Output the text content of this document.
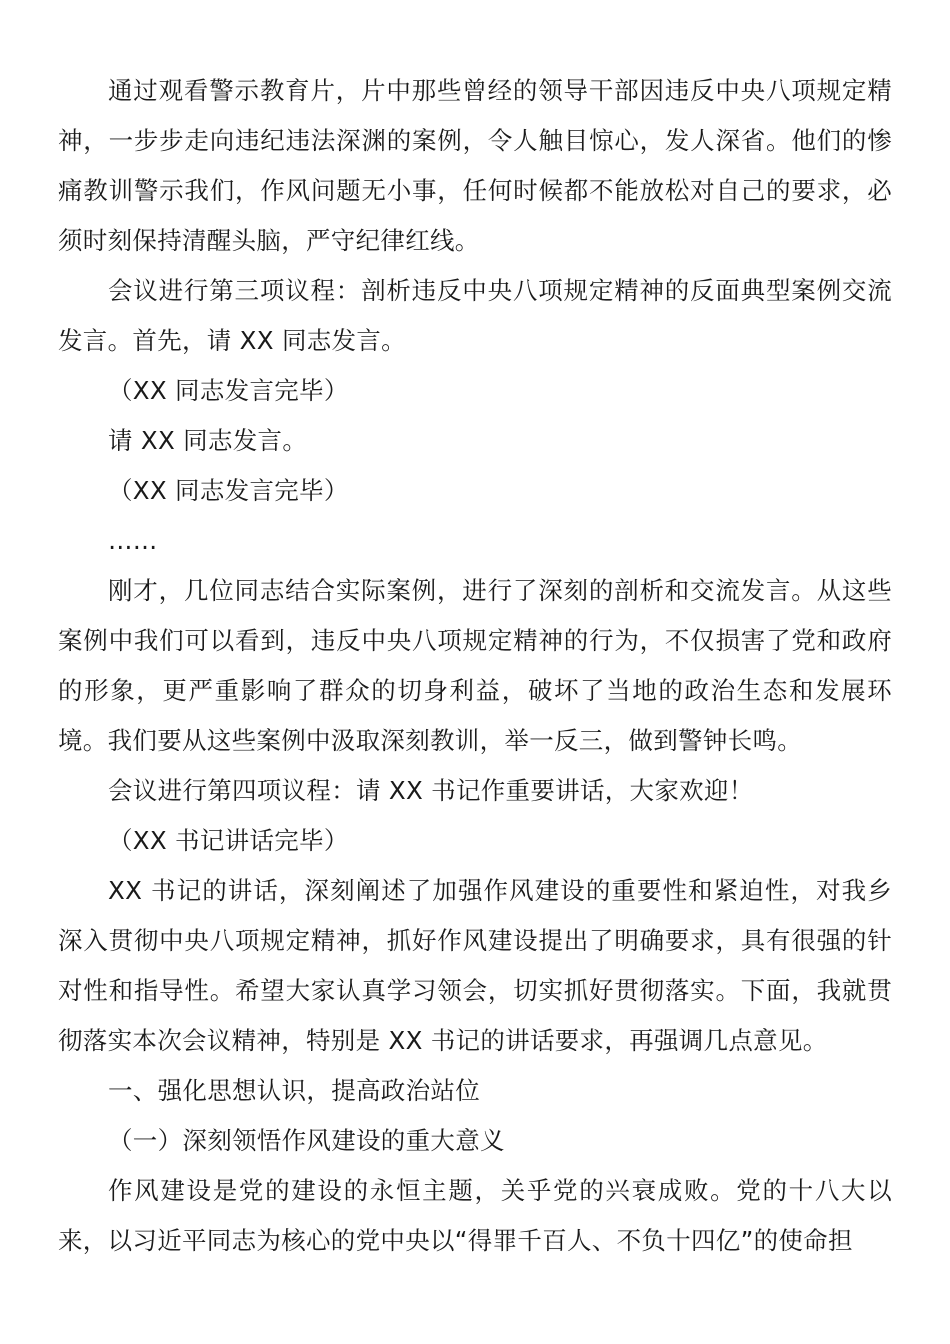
通过观看警示教育片，片中那些曾经的领导干部因违反中央八项规定精神，一步步走向违纪违法深渊的案例，令人触目惊心，发人深省。他们的惨痛教训警示我们，作风问题无小事，任何时候都不能放松对自己的要求，必须时刻保持清醒头脑，严守纪律红线。

会议进行第三项议程：剖析违反中央八项规定精神的反面典型案例交流发言。首先，请 XX 同志发言。

（XX 同志发言完毕）

请 XX 同志发言。

（XX 同志发言完毕）

……

刚才，几位同志结合实际案例，进行了深刻的剖析和交流发言。从这些案例中我们可以看到，违反中央八项规定精神的行为，不仅损害了党和政府的形象，更严重影响了群众的切身利益，破坏了当地的政治生态和发展环境。我们要从这些案例中汲取深刻教训，举一反三，做到警钟长鸣。

会议进行第四项议程：请 XX 书记作重要讲话，大家欢迎！

（XX 书记讲话完毕）

XX 书记的讲话，深刻阐述了加强作风建设的重要性和紧迫性，对我乡深入贯彻中央八项规定精神，抓好作风建设提出了明确要求，具有很强的针对性和指导性。希望大家认真学习领会，切实抓好贯彻落实。下面，我就贯彻落实本次会议精神，特别是 XX 书记的讲话要求，再强调几点意见。

一、强化思想认识，提高政治站位

（一）深刻领悟作风建设的重大意义

作风建设是党的建设的永恒主题，关乎党的兴衰成败。党的十八大以来，以习近平同志为核心的党中央以“得罪千百人、不负十四亿”的使命担
